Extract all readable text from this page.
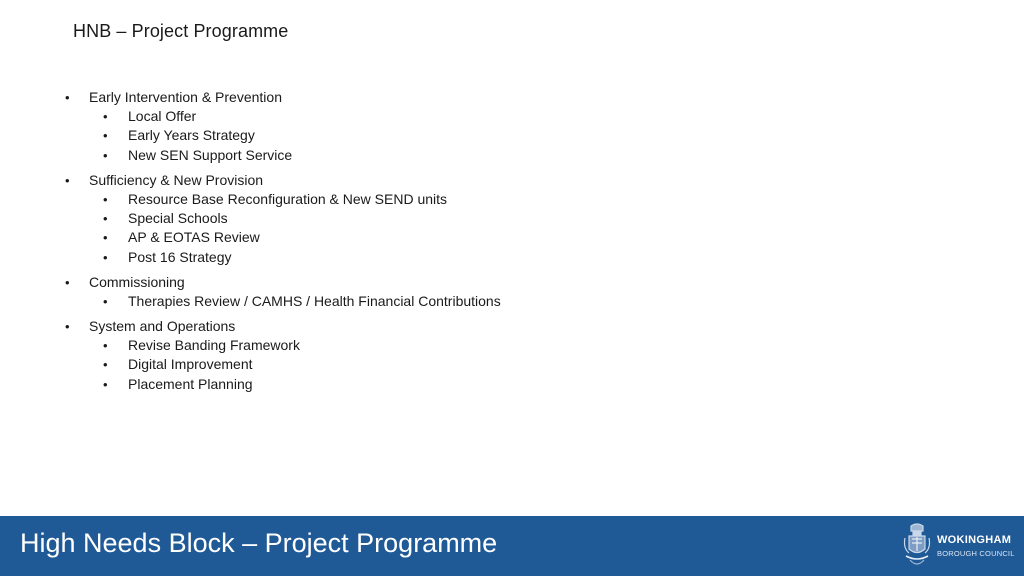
HNB – Project Programme
• Early Intervention & Prevention
• Local Offer
• Early Years Strategy
• New SEN Support Service
• Sufficiency & New Provision
• Resource Base Reconfiguration & New SEND units
• Special Schools
• AP & EOTAS Review
• Post 16 Strategy
• Commissioning
• Therapies Review / CAMHS / Health Financial Contributions
• System and Operations
• Revise Banding Framework
• Digital Improvement
• Placement Planning
High Needs Block – Project Programme	WOKINGHAM
BOROUGH COUNCIL
